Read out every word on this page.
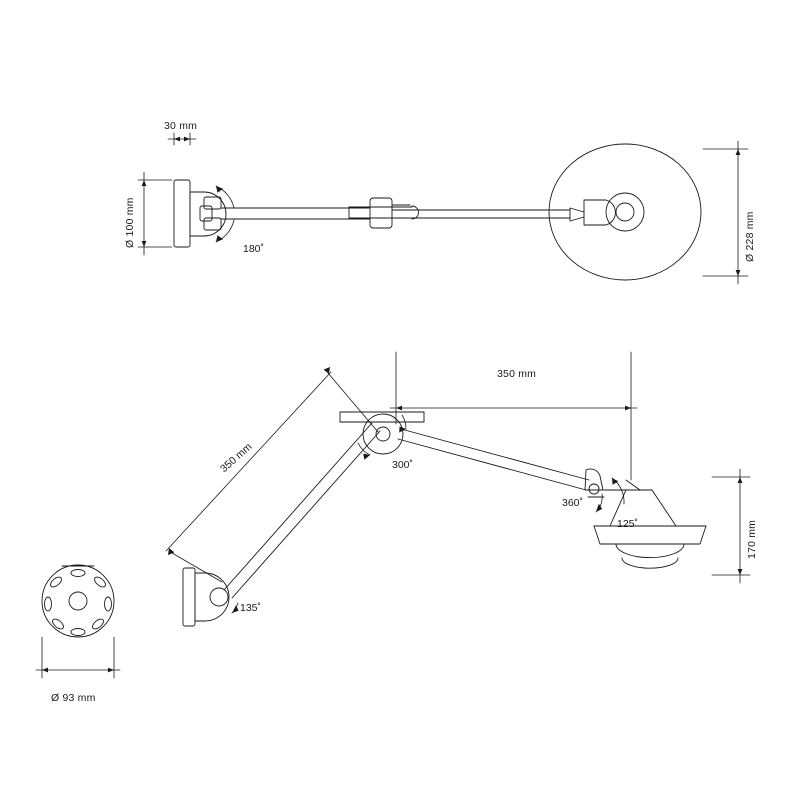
30 mm
Ø 100 mm	Ø 228 mm
180˚
350 mm
350 mm
170 mm
300˚
135˚
360˚
125˚
Ø 93 mm
